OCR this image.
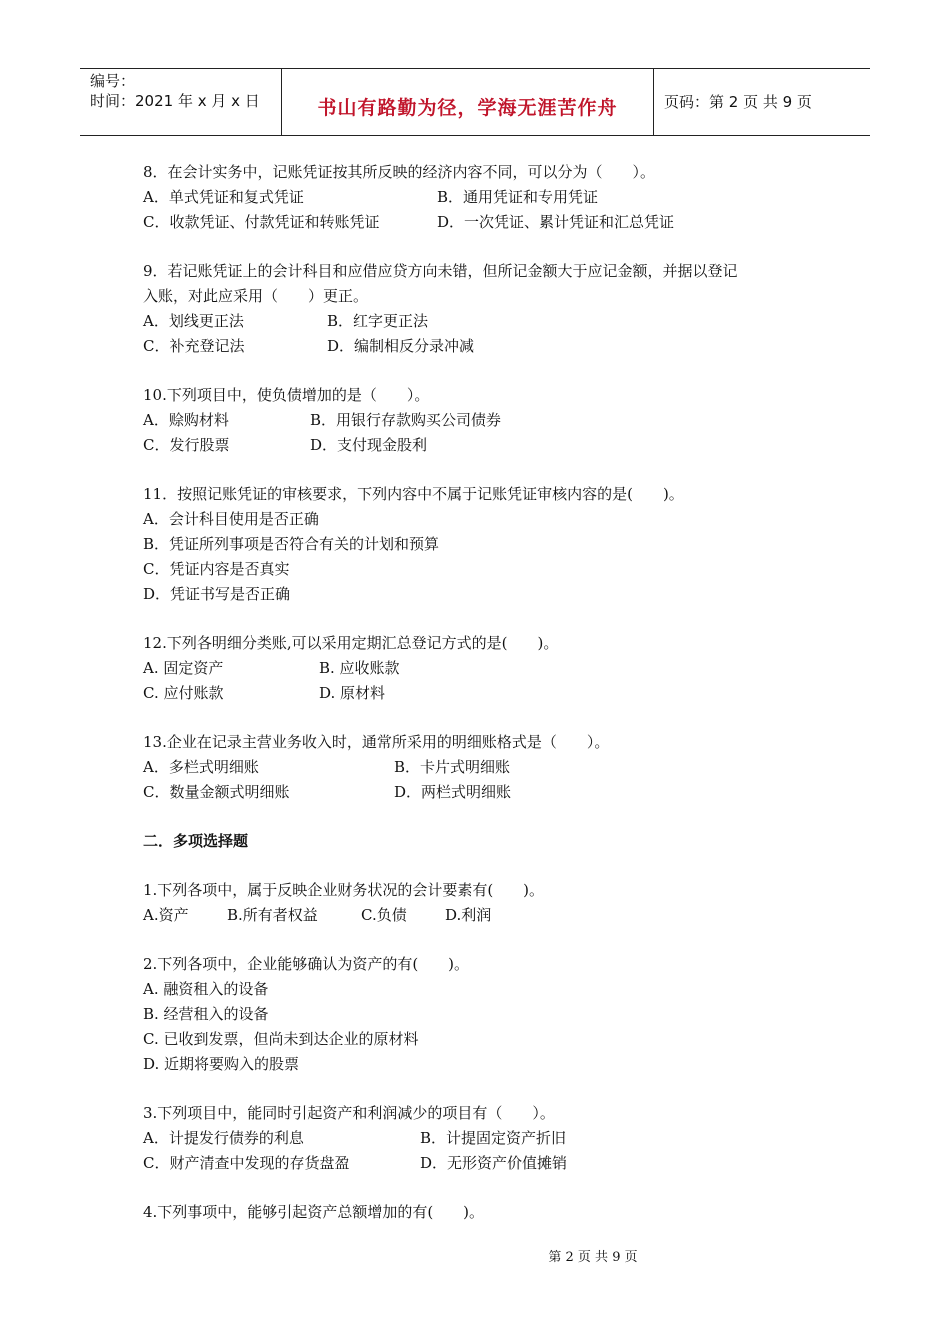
编号：
时间：2021 年 x 月 x 日	书山有路勤为径，学海无涯苦作舟	页码：第 2 页 共 9 页
8．在会计实务中，记账凭证按其所反映的经济内容不同，可以分为（　　）。
A．单式凭证和复式凭证	B．通用凭证和专用凭证
C．收款凭证、付款凭证和转账凭证	D．一次凭证、累计凭证和汇总凭证
9．若记账凭证上的会计科目和应借应贷方向未错，但所记金额大于应记金额，并据以登记
入账，对此应采用（　　）更正。
A．划线更正法	B．红字更正法
C．补充登记法	D．编制相反分录冲减
10.下列项目中，使负债增加的是（　　）。
A．赊购材料	B．用银行存款购买公司债券
C．发行股票	D．支付现金股利
11．按照记账凭证的审核要求，下列内容中不属于记账凭证审核内容的是(　　)。
A．会计科目使用是否正确
B．凭证所列事项是否符合有关的计划和预算
C．凭证内容是否真实
D．凭证书写是否正确
12.下列各明细分类账,可以采用定期汇总登记方式的是(　　)。
A. 固定资产	B. 应收账款
C. 应付账款	D. 原材料
13.企业在记录主营业务收入时，通常所采用的明细账格式是（　　）。
A．多栏式明细账	B．卡片式明细账
C．数量金额式明细账	D．两栏式明细账
二．多项选择题
1.下列各项中，属于反映企业财务状况的会计要素有(　　)。
A.资产	B.所有者权益	C.负债	D.利润
2.下列各项中，企业能够确认为资产的有(　　)。
A. 融资租入的设备
B. 经营租入的设备
C. 已收到发票，但尚未到达企业的原材料
D. 近期将要购入的股票
3.下列项目中，能同时引起资产和利润减少的项目有（　　）。
A．计提发行债券的利息	B．计提固定资产折旧
C．财产清查中发现的存货盘盈	D．无形资产价值摊销
4.下列事项中，能够引起资产总额增加的有(　　)。
第 2 页 共 9 页
